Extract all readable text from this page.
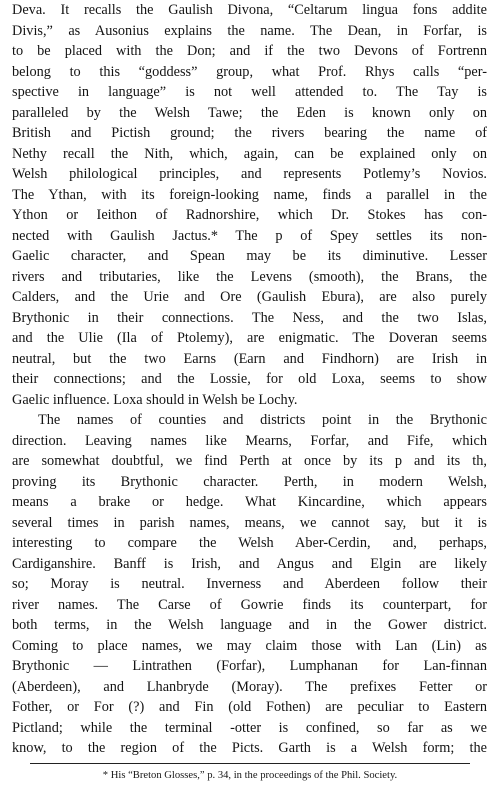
Deva. It recalls the Gaulish Divona, “Celtarum lingua fons addite
Divis,” as Ausonius explains the name. The Dean, in Forfar, is
to be placed with the Don; and if the two Devons of Fortrenn
belong to this “goddess” group, what Prof. Rhys calls “per-
spective in language” is not well attended to. The Tay is
paralleled by the Welsh Tawe; the Eden is known only on
British and Pictish ground; the rivers bearing the name of
Nethy recall the Nith, which, again, can be explained only on
Welsh philological principles, and represents Potlemy’s Novios.
The Ythan, with its foreign-looking name, finds a parallel in the
Ython or Ieithon of Radnorshire, which Dr. Stokes has con-
nected with Gaulish Jactus.* The p of Spey settles its non-
Gaelic character, and Spean may be its diminutive. Lesser
rivers and tributaries, like the Levens (smooth), the Brans, the
Calders, and the Urie and Ore (Gaulish Ebura), are also purely
Brythonic in their connections. The Ness, and the two Islas,
and the Ulie (Ila of Ptolemy), are enigmatic. The Doveran seems
neutral, but the two Earns (Earn and Findhorn) are Irish in
their connections; and the Lossie, for old Loxa, seems to show
Gaelic influence. Loxa should in Welsh be Lochy.
The names of counties and districts point in the Brythonic
direction. Leaving names like Mearns, Forfar, and Fife, which
are somewhat doubtful, we find Perth at once by its p and its th,
proving its Brythonic character. Perth, in modern Welsh,
means a brake or hedge. What Kincardine, which appears
several times in parish names, means, we cannot say, but it is
interesting to compare the Welsh Aber-Cerdin, and, perhaps,
Cardiganshire. Banff is Irish, and Angus and Elgin are likely
so; Moray is neutral. Inverness and Aberdeen follow their
river names. The Carse of Gowrie finds its counterpart, for
both terms, in the Welsh language and in the Gower district.
Coming to place names, we may claim those with Lan (Lin) as
Brythonic — Lintrathen (Forfar), Lumphanan for Lan-finnan
(Aberdeen), and Lhanbryde (Moray). The prefixes Fetter or
Fother, or For (?) and Fin (old Fothen) are peculiar to Eastern
Pictland; while the terminal -otter is confined, so far as we
know, to the region of the Picts. Garth is a Welsh form; the
* His “Breton Glosses,” p. 34, in the proceedings of the Phil. Society.
